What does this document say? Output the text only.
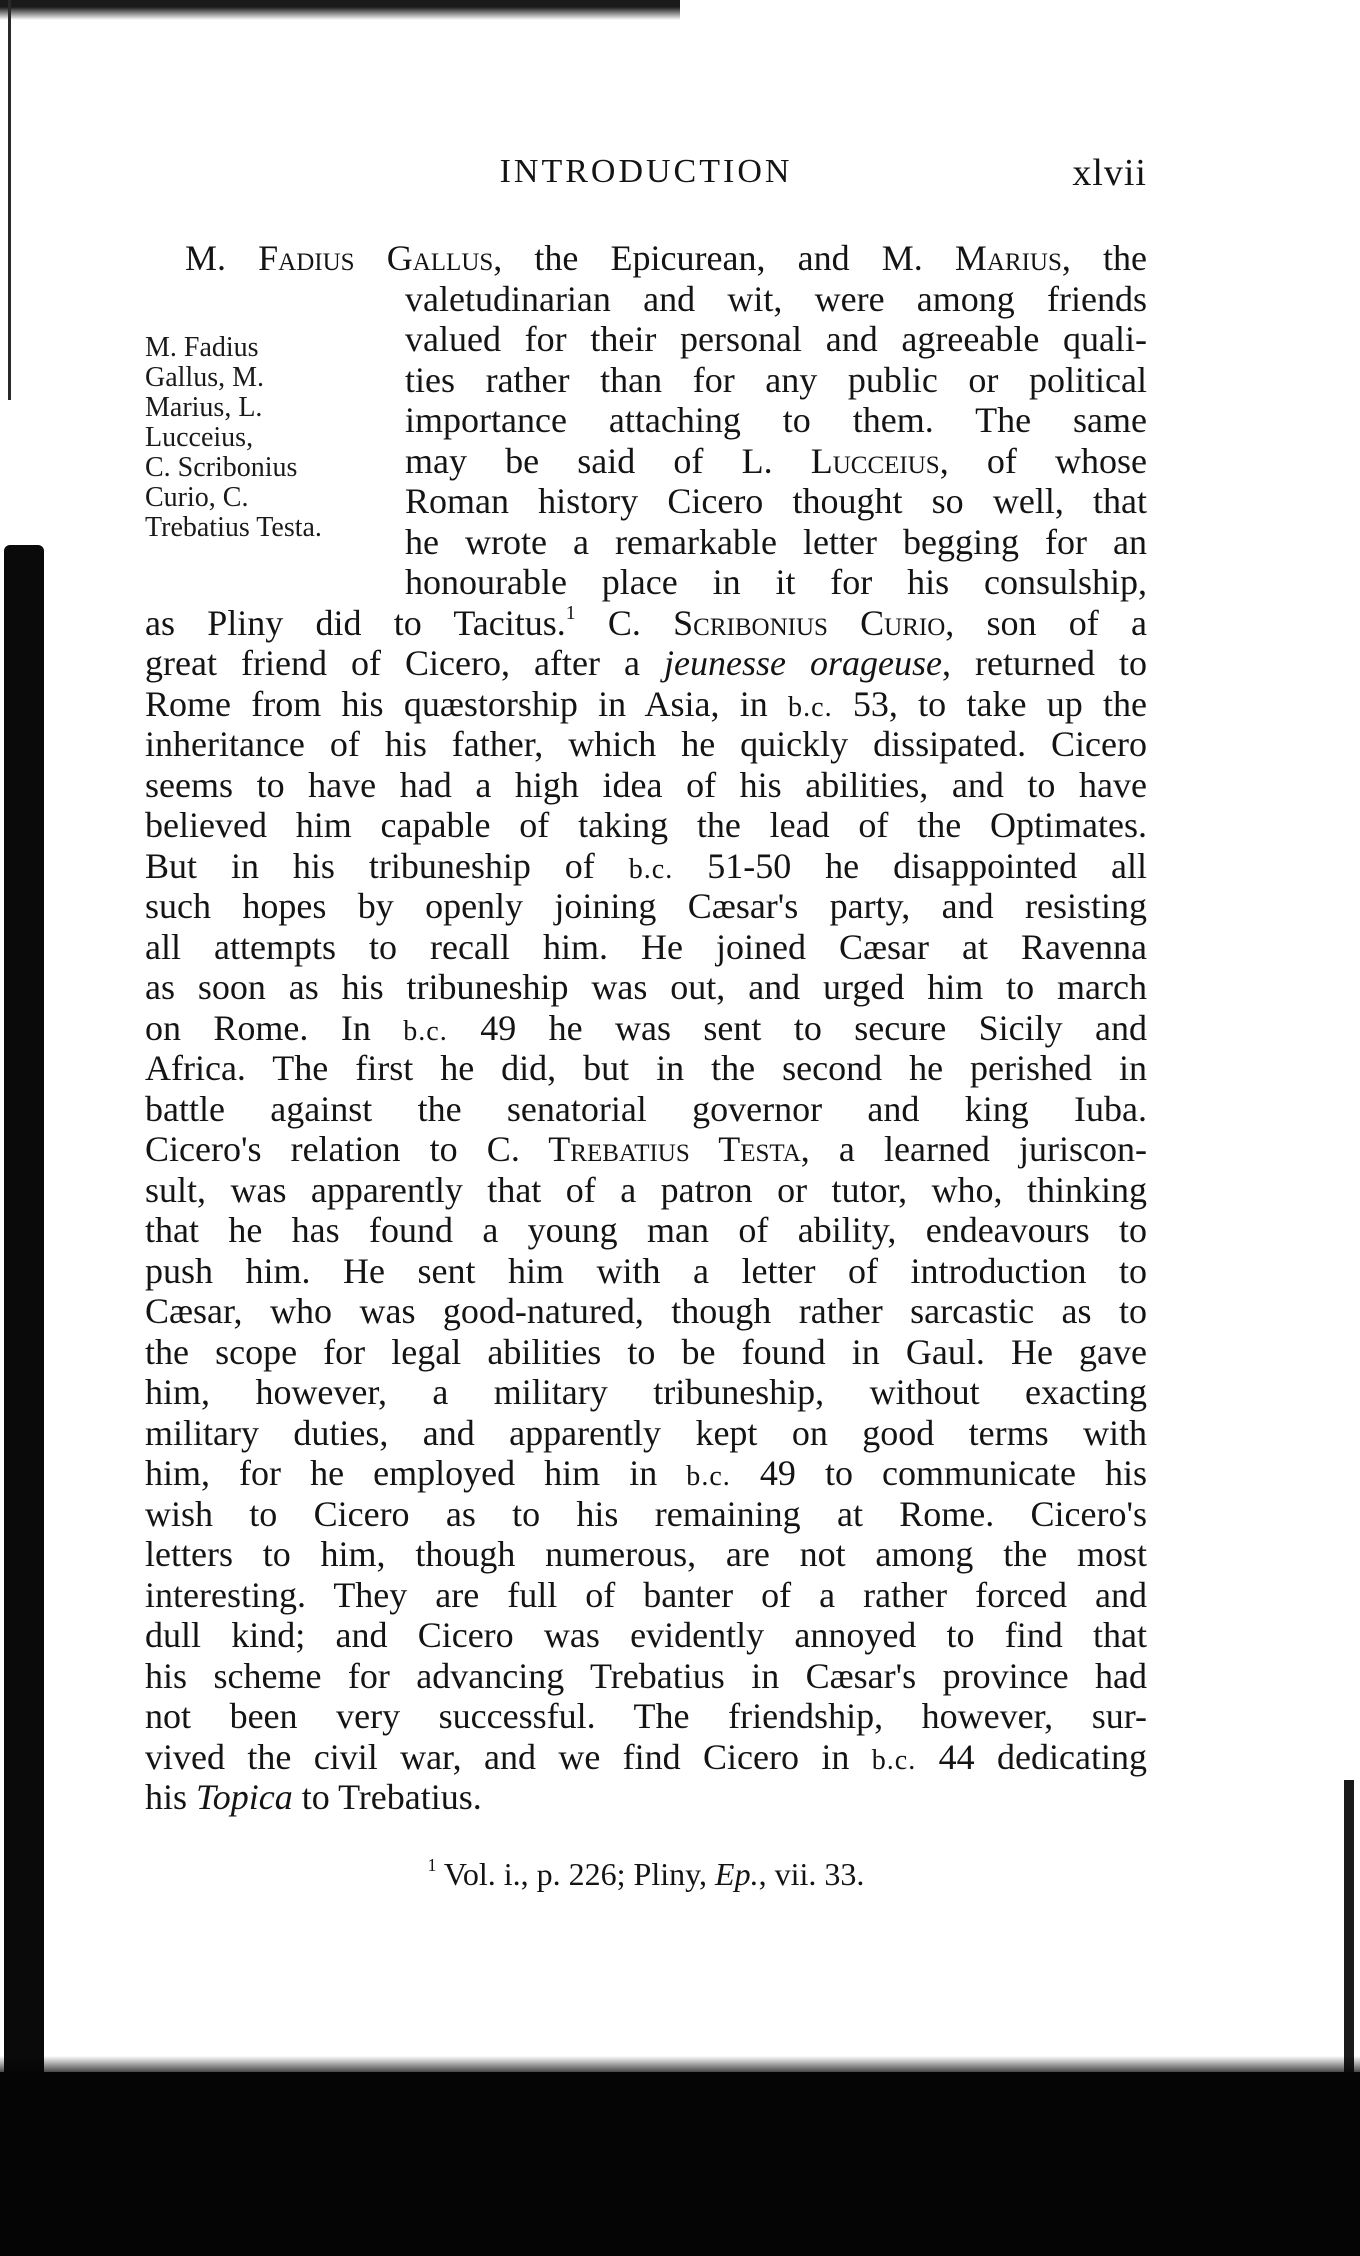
INTRODUCTION	xlvii
M. Fadius
Gallus, M.
Marius, L.
Lucceius,
C. Scribonius
Curio, C.
Trebatius Testa.
M. Fadius Gallus, the Epicurean, and M. Marius, the
valetudinarian and wit, were among friends
valued for their personal and agreeable quali-
ties rather than for any public or political
importance attaching to them. The same
may be said of L. Lucceius, of whose
Roman history Cicero thought so well, that
he wrote a remarkable letter begging for an
honourable place in it for his consulship,
as Pliny did to Tacitus.$^1$ C. Scribonius Curio, son of a
great friend of Cicero, after a jeunesse orageuse, returned to
Rome from his quæstorship in Asia, in b.c. 53, to take up the
inheritance of his father, which he quickly dissipated. Cicero
seems to have had a high idea of his abilities, and to have
believed him capable of taking the lead of the Optimates.
But in his tribuneship of b.c. 51-50 he disappointed all
such hopes by openly joining Cæsar's party, and resisting
all attempts to recall him. He joined Cæsar at Ravenna
as soon as his tribuneship was out, and urged him to march
on Rome. In b.c. 49 he was sent to secure Sicily and
Africa. The first he did, but in the second he perished in
battle against the senatorial governor and king Iuba.
Cicero's relation to C. Trebatius Testa, a learned juriscon-
sult, was apparently that of a patron or tutor, who, thinking
that he has found a young man of ability, endeavours to
push him. He sent him with a letter of introduction to
Cæsar, who was good-natured, though rather sarcastic as to
the scope for legal abilities to be found in Gaul. He gave
him, however, a military tribuneship, without exacting
military duties, and apparently kept on good terms with
him, for he employed him in b.c. 49 to communicate his
wish to Cicero as to his remaining at Rome. Cicero's
letters to him, though numerous, are not among the most
interesting. They are full of banter of a rather forced and
dull kind; and Cicero was evidently annoyed to find that
his scheme for advancing Trebatius in Cæsar's province had
not been very successful. The friendship, however, sur-
vived the civil war, and we find Cicero in b.c. 44 dedicating
his Topica to Trebatius.
$^1$ Vol. i., p. 226; Pliny, Ep., vii. 33.
